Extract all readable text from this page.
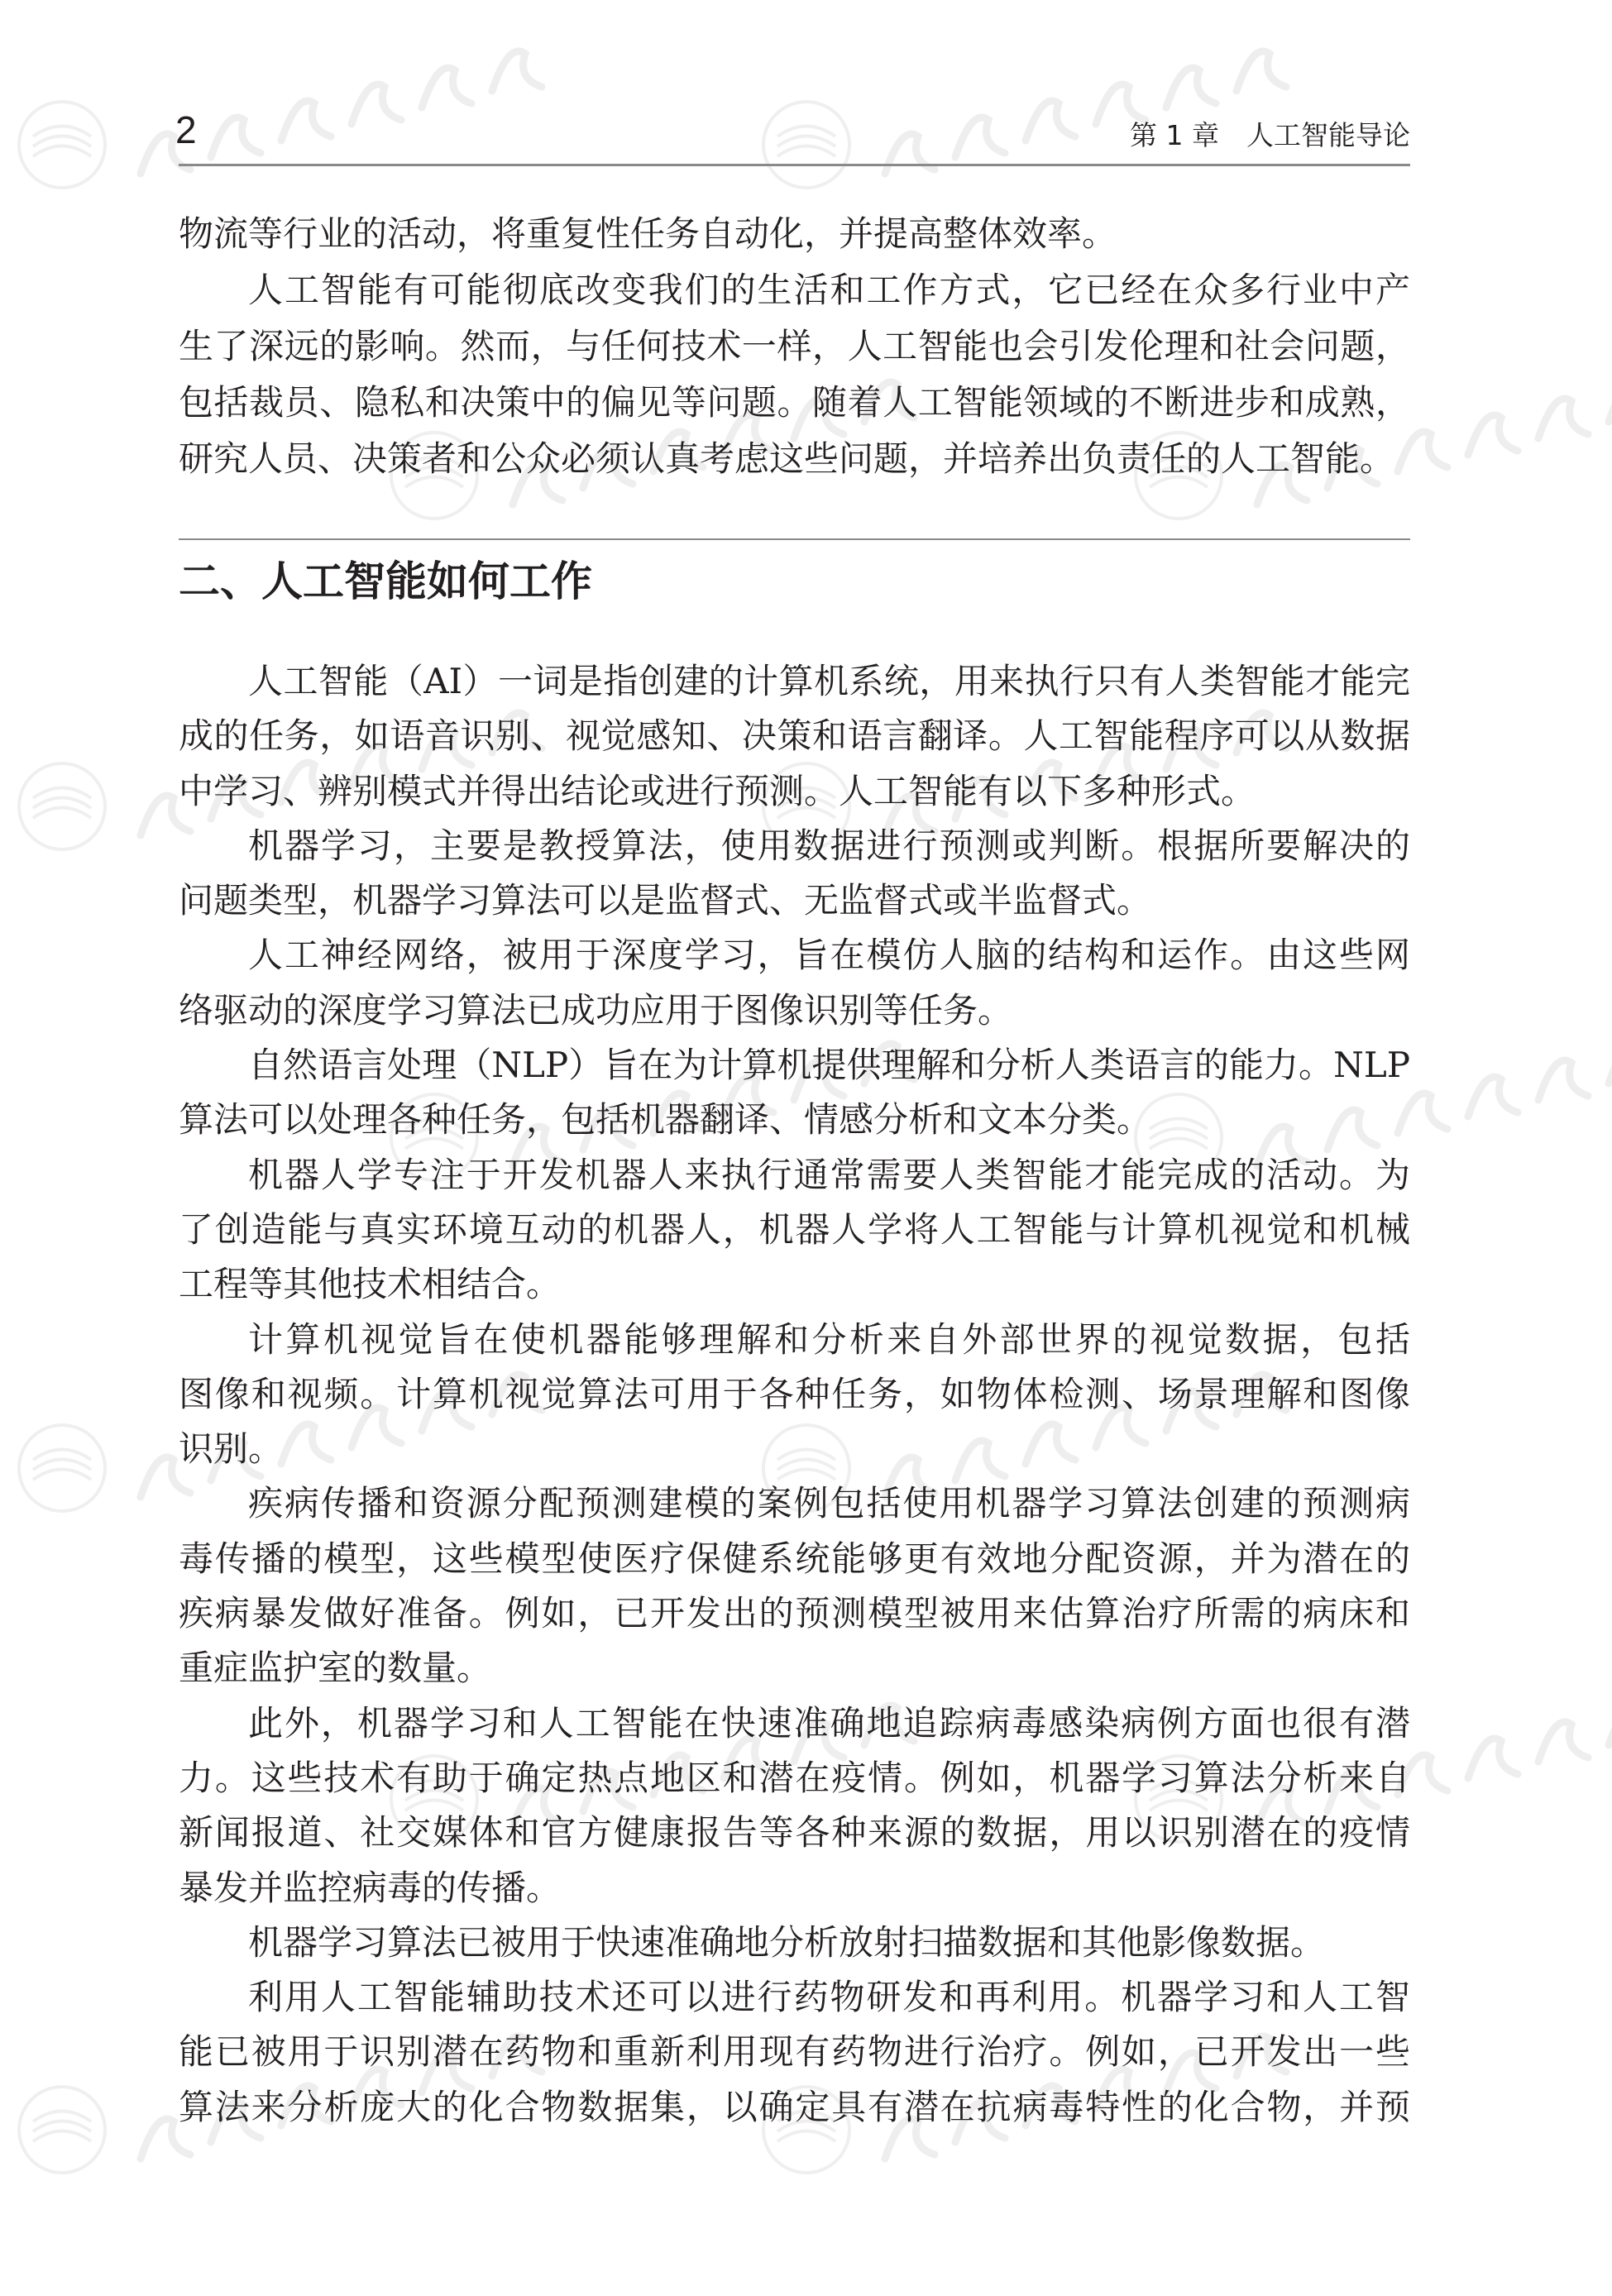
2	第 1 章　人工智能导论
物流等行业的活动，将重复性任务自动化，并提高整体效率。
人工智能有可能彻底改变我们的生活和工作方式，它已经在众多行业中产
生了深远的影响。然而，与任何技术一样，人工智能也会引发伦理和社会问题，
包括裁员、隐私和决策中的偏见等问题。随着人工智能领域的不断进步和成熟，
研究人员、决策者和公众必须认真考虑这些问题，并培养出负责任的人工智能。
二、人工智能如何工作
人工智能（AI）一词是指创建的计算机系统，用来执行只有人类智能才能完
成的任务，如语音识别、视觉感知、决策和语言翻译。人工智能程序可以从数据
中学习、辨别模式并得出结论或进行预测。人工智能有以下多种形式。
机器学习，主要是教授算法，使用数据进行预测或判断。根据所要解决的
问题类型，机器学习算法可以是监督式、无监督式或半监督式。
人工神经网络，被用于深度学习，旨在模仿人脑的结构和运作。由这些网
络驱动的深度学习算法已成功应用于图像识别等任务。
自然语言处理（NLP）旨在为计算机提供理解和分析人类语言的能力。NLP
算法可以处理各种任务，包括机器翻译、情感分析和文本分类。
机器人学专注于开发机器人来执行通常需要人类智能才能完成的活动。为
了创造能与真实环境互动的机器人，机器人学将人工智能与计算机视觉和机械
工程等其他技术相结合。
计算机视觉旨在使机器能够理解和分析来自外部世界的视觉数据，包括
图像和视频。计算机视觉算法可用于各种任务，如物体检测、场景理解和图像
识别。
疾病传播和资源分配预测建模的案例包括使用机器学习算法创建的预测病
毒传播的模型，这些模型使医疗保健系统能够更有效地分配资源，并为潜在的
疾病暴发做好准备。例如，已开发出的预测模型被用来估算治疗所需的病床和
重症监护室的数量。
此外，机器学习和人工智能在快速准确地追踪病毒感染病例方面也很有潜
力。这些技术有助于确定热点地区和潜在疫情。例如，机器学习算法分析来自
新闻报道、社交媒体和官方健康报告等各种来源的数据，用以识别潜在的疫情
暴发并监控病毒的传播。
机器学习算法已被用于快速准确地分析放射扫描数据和其他影像数据。
利用人工智能辅助技术还可以进行药物研发和再利用。机器学习和人工智
能已被用于识别潜在药物和重新利用现有药物进行治疗。例如，已开发出一些
算法来分析庞大的化合物数据集，以确定具有潜在抗病毒特性的化合物，并预
